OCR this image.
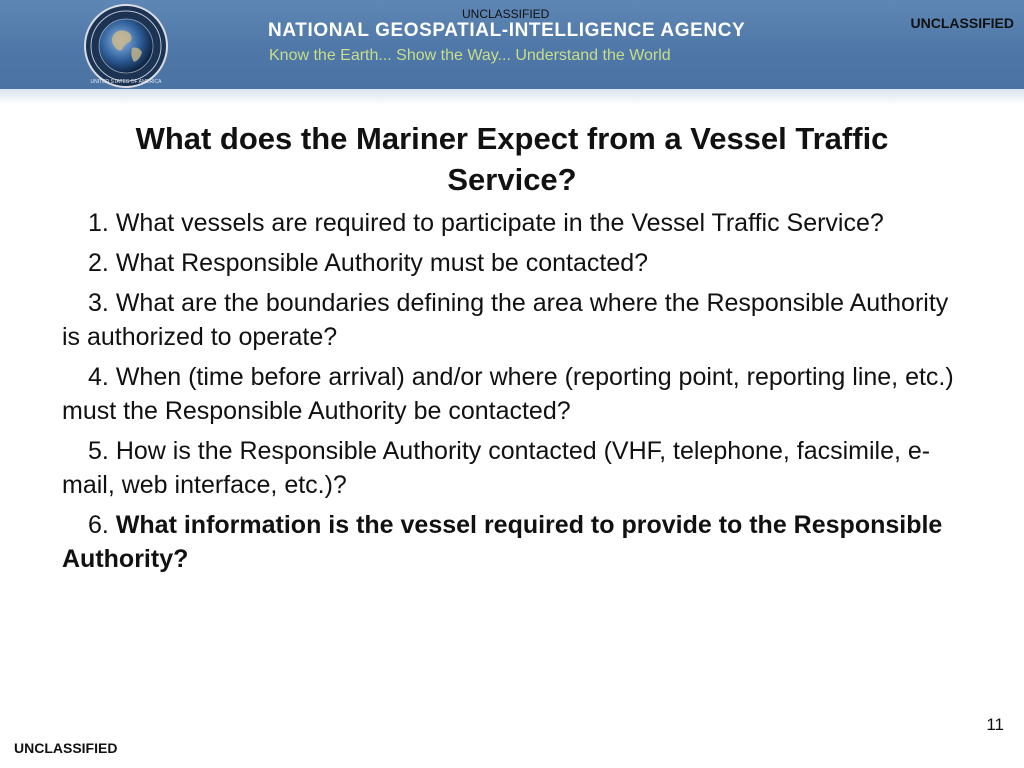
UNITED STATES OF AMERICA
NATIONAL GEOSPATIAL-INTELLIGENCE AGENCY
Know the Earth... Show the Way... Understand the World
UNCLASSIFIED
UNCLASSIFIED
What does the Mariner Expect from a Vessel Traffic Service?
1. What vessels are required to participate in the Vessel Traffic Service?
2. What Responsible Authority must be contacted?
3. What are the boundaries defining the area where the Responsible Authority is authorized to operate?
4. When (time before arrival) and/or where (reporting point, reporting line, etc.) must the Responsible Authority be contacted?
5. How is the Responsible Authority contacted (VHF, telephone, facsimile, e-mail, web interface, etc.)?
6. What information is the vessel required to provide to the Responsible Authority?
11
UNCLASSIFIED
